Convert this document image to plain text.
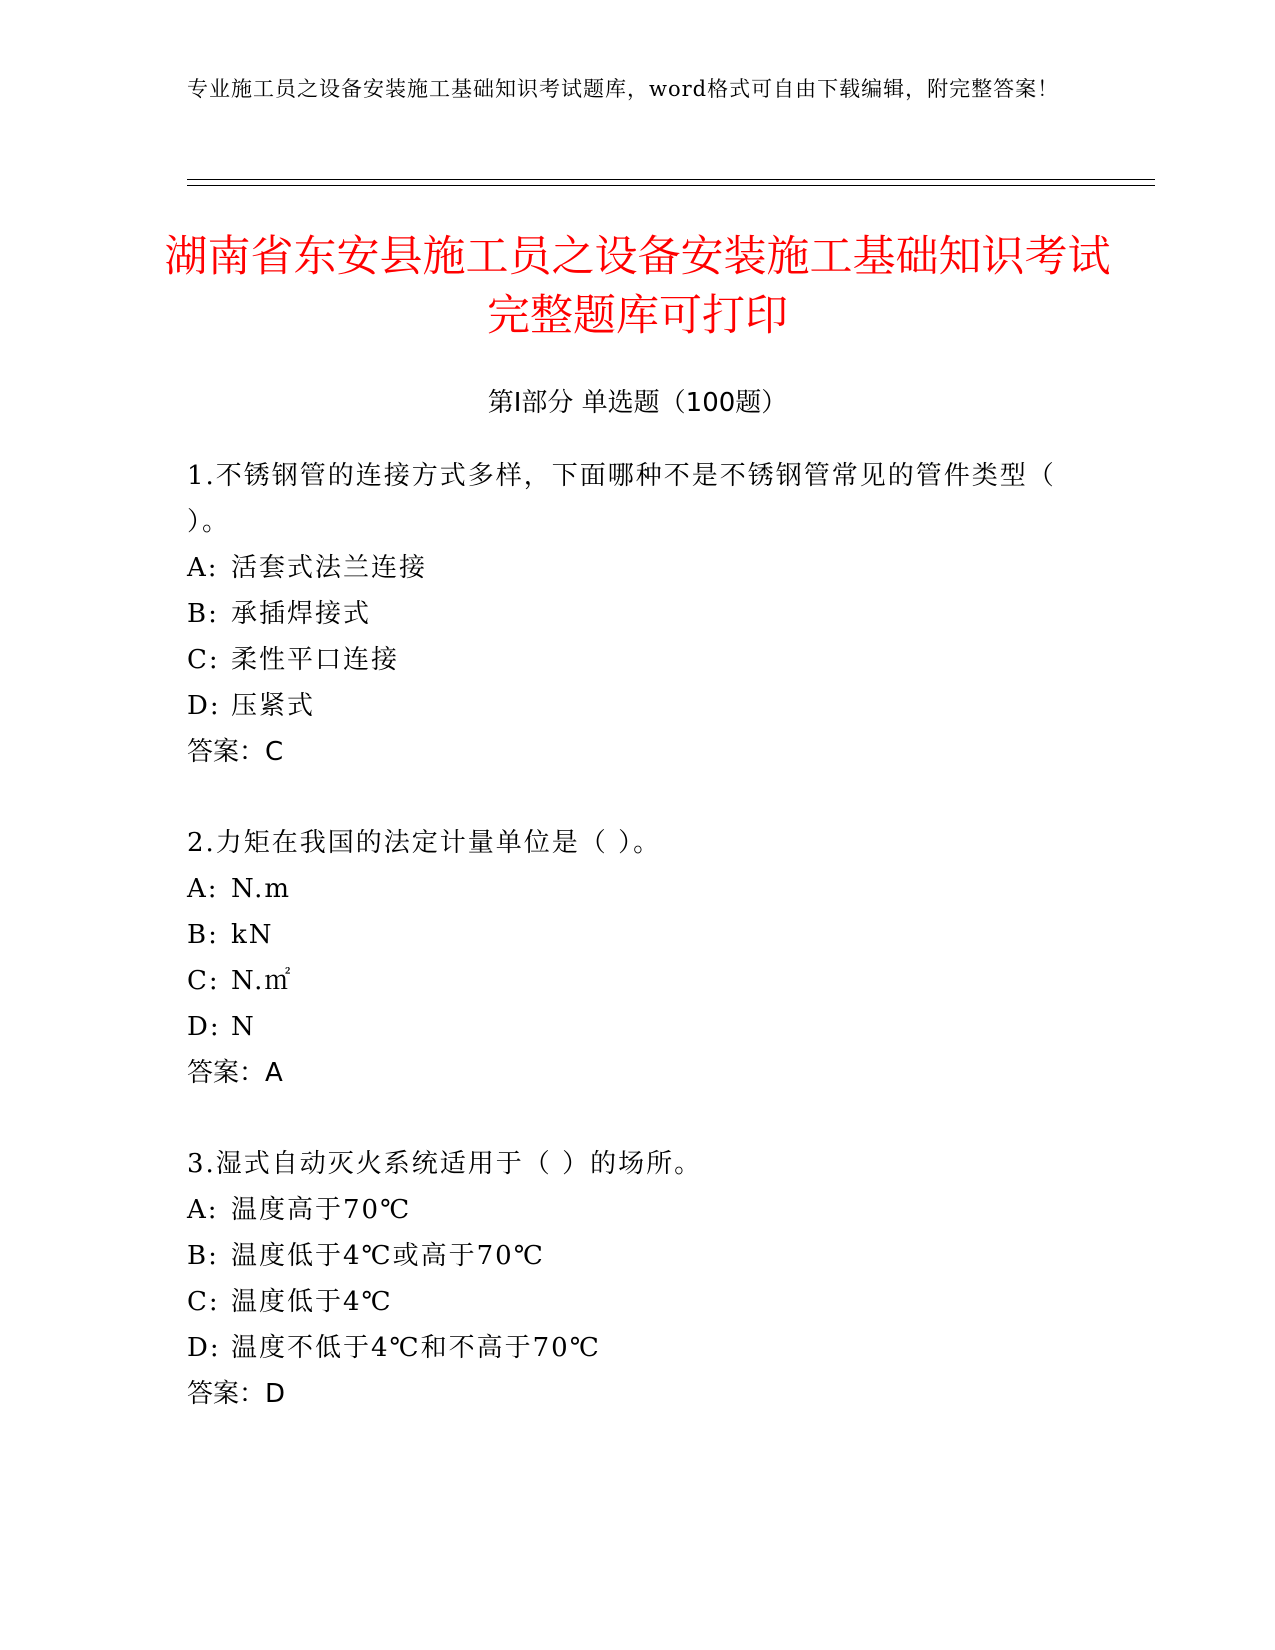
专业施工员之设备安装施工基础知识考试题库，word格式可自由下载编辑，附完整答案！
湖南省东安县施工员之设备安装施工基础知识考试完整题库可打印
第Ⅰ部分 单选题（100题）

1.不锈钢管的连接方式多样，下面哪种不是不锈钢管常见的管件类型（ ）。

A: 活套式法兰连接

B: 承插焊接式

C: 柔性平口连接

D: 压紧式

答案：C

2.力矩在我国的法定计量单位是（ ）。

A: N.m

B: kN

C: N.㎡

D: N

答案：A

3.湿式自动灭火系统适用于（ ）的场所。

A: 温度高于70℃

B: 温度低于4℃或高于70℃

C: 温度低于4℃

D: 温度不低于4℃和不高于70℃

答案：D
